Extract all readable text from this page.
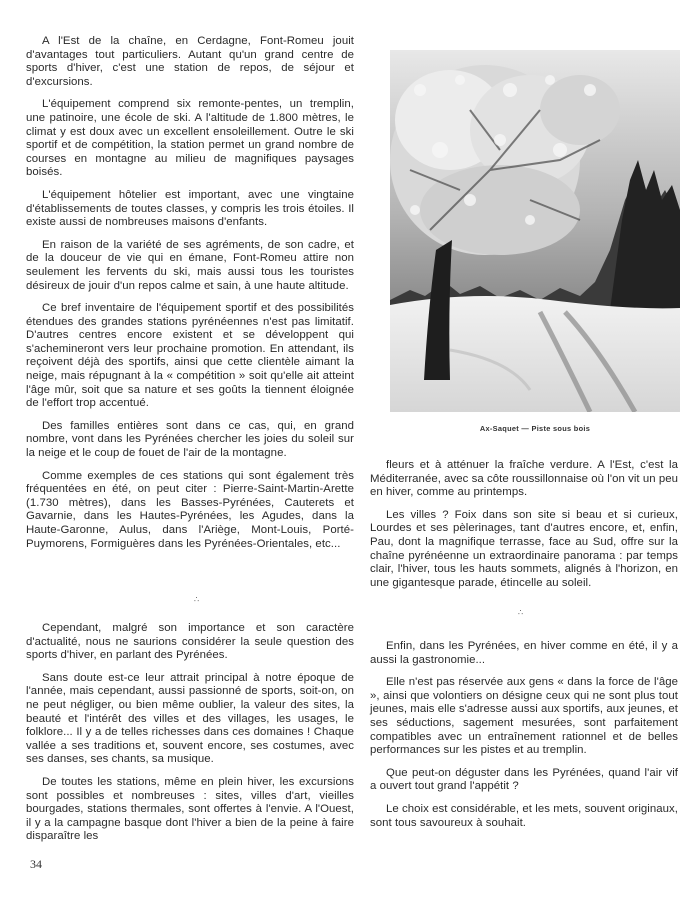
A l'Est de la chaîne, en Cerdagne, Font-Romeu jouit d'avantages tout particuliers. Autant qu'un grand centre de sports d'hiver, c'est une station de repos, de séjour et d'excursions.

L'équipement comprend six remonte-pentes, un tremplin, une patinoire, une école de ski. A l'altitude de 1.800 mètres, le climat y est doux avec un excellent ensoleillement. Outre le ski sportif et de compétition, la station permet un grand nombre de courses en montagne au milieu de magnifiques paysages boisés.

L'équipement hôtelier est important, avec une vingtaine d'établissements de toutes classes, y compris les trois étoiles. Il existe aussi de nombreuses maisons d'enfants.

En raison de la variété de ses agréments, de son cadre, et de la douceur de vie qui en émane, Font-Romeu attire non seulement les fervents du ski, mais aussi tous les touristes désireux de jouir d'un repos calme et sain, à une haute altitude.

Ce bref inventaire de l'équipement sportif et des possibilités étendues des grandes stations pyrénéennes n'est pas limitatif. D'autres centres encore existent et se développent qui s'achemineront vers leur prochaine promotion. En attendant, ils reçoivent déjà des sportifs, ainsi que cette clientèle aimant la neige, mais répugnant à la « compétition » soit qu'elle ait atteint l'âge mûr, soit que sa nature et ses goûts la tiennent éloignée de l'effort trop accentué.

Des familles entières sont dans ce cas, qui, en grand nombre, vont dans les Pyrénées chercher les joies du soleil sur la neige et le coup de fouet de l'air de la montagne.

Comme exemples de ces stations qui sont également très fréquentées en été, on peut citer : Pierre-Saint-Martin-Arette (1.730 mètres), dans les Basses-Pyrénées, Cauterets et Gavarnie, dans les Hautes-Pyrénées, les Agudes, dans la Haute-Garonne, Aulus, dans l'Ariège, Mont-Louis, Porté-Puymorens, Formiguères dans les Pyrénées-Orientales, etc...

∴

Cependant, malgré son importance et son caractère d'actualité, nous ne saurions considérer la seule question des sports d'hiver, en parlant des Pyrénées.

Sans doute est-ce leur attrait principal à notre époque de l'année, mais cependant, aussi passionné de sports, soit-on, on ne peut négliger, ou bien même oublier, la valeur des sites, la beauté et l'intérêt des villes et des villages, les usages, le folklore... Il y a de telles richesses dans ces domaines ! Chaque vallée a ses traditions et, souvent encore, ses costumes, avec ses danses, ses chants, sa musique.

De toutes les stations, même en plein hiver, les excursions sont possibles et nombreuses : sites, villes d'art, vieilles bourgades, stations thermales, sont offertes à l'envie. A l'Ouest, il y a la campagne basque dont l'hiver a bien de la peine à faire disparaître les

Ax-Saquet — Piste sous bois

fleurs et à atténuer la fraîche verdure. A l'Est, c'est la Méditerranée, avec sa côte roussillonnaise où l'on vit un peu en hiver, comme au printemps.

Les villes ? Foix dans son site si beau et si curieux, Lourdes et ses pèlerinages, tant d'autres encore, et, enfin, Pau, dont la magnifique terrasse, face au Sud, offre sur la chaîne pyrénéenne un extraordinaire panorama : par temps clair, l'hiver, tous les hauts sommets, alignés à l'horizon, en une gigantesque parade, étincelle au soleil.

∴

Enfin, dans les Pyrénées, en hiver comme en été, il y a aussi la gastronomie...

Elle n'est pas réservée aux gens « dans la force de l'âge », ainsi que volontiers on désigne ceux qui ne sont plus tout jeunes, mais elle s'adresse aussi aux sportifs, aux jeunes, et ses séductions, sagement mesurées, sont parfaitement compatibles avec un entraînement rationnel et de belles performances sur les pistes et au tremplin.

Que peut-on déguster dans les Pyrénées, quand l'air vif a ouvert tout grand l'appétit ?

Le choix est considérable, et les mets, souvent originaux, sont tous savoureux à souhait.

34
